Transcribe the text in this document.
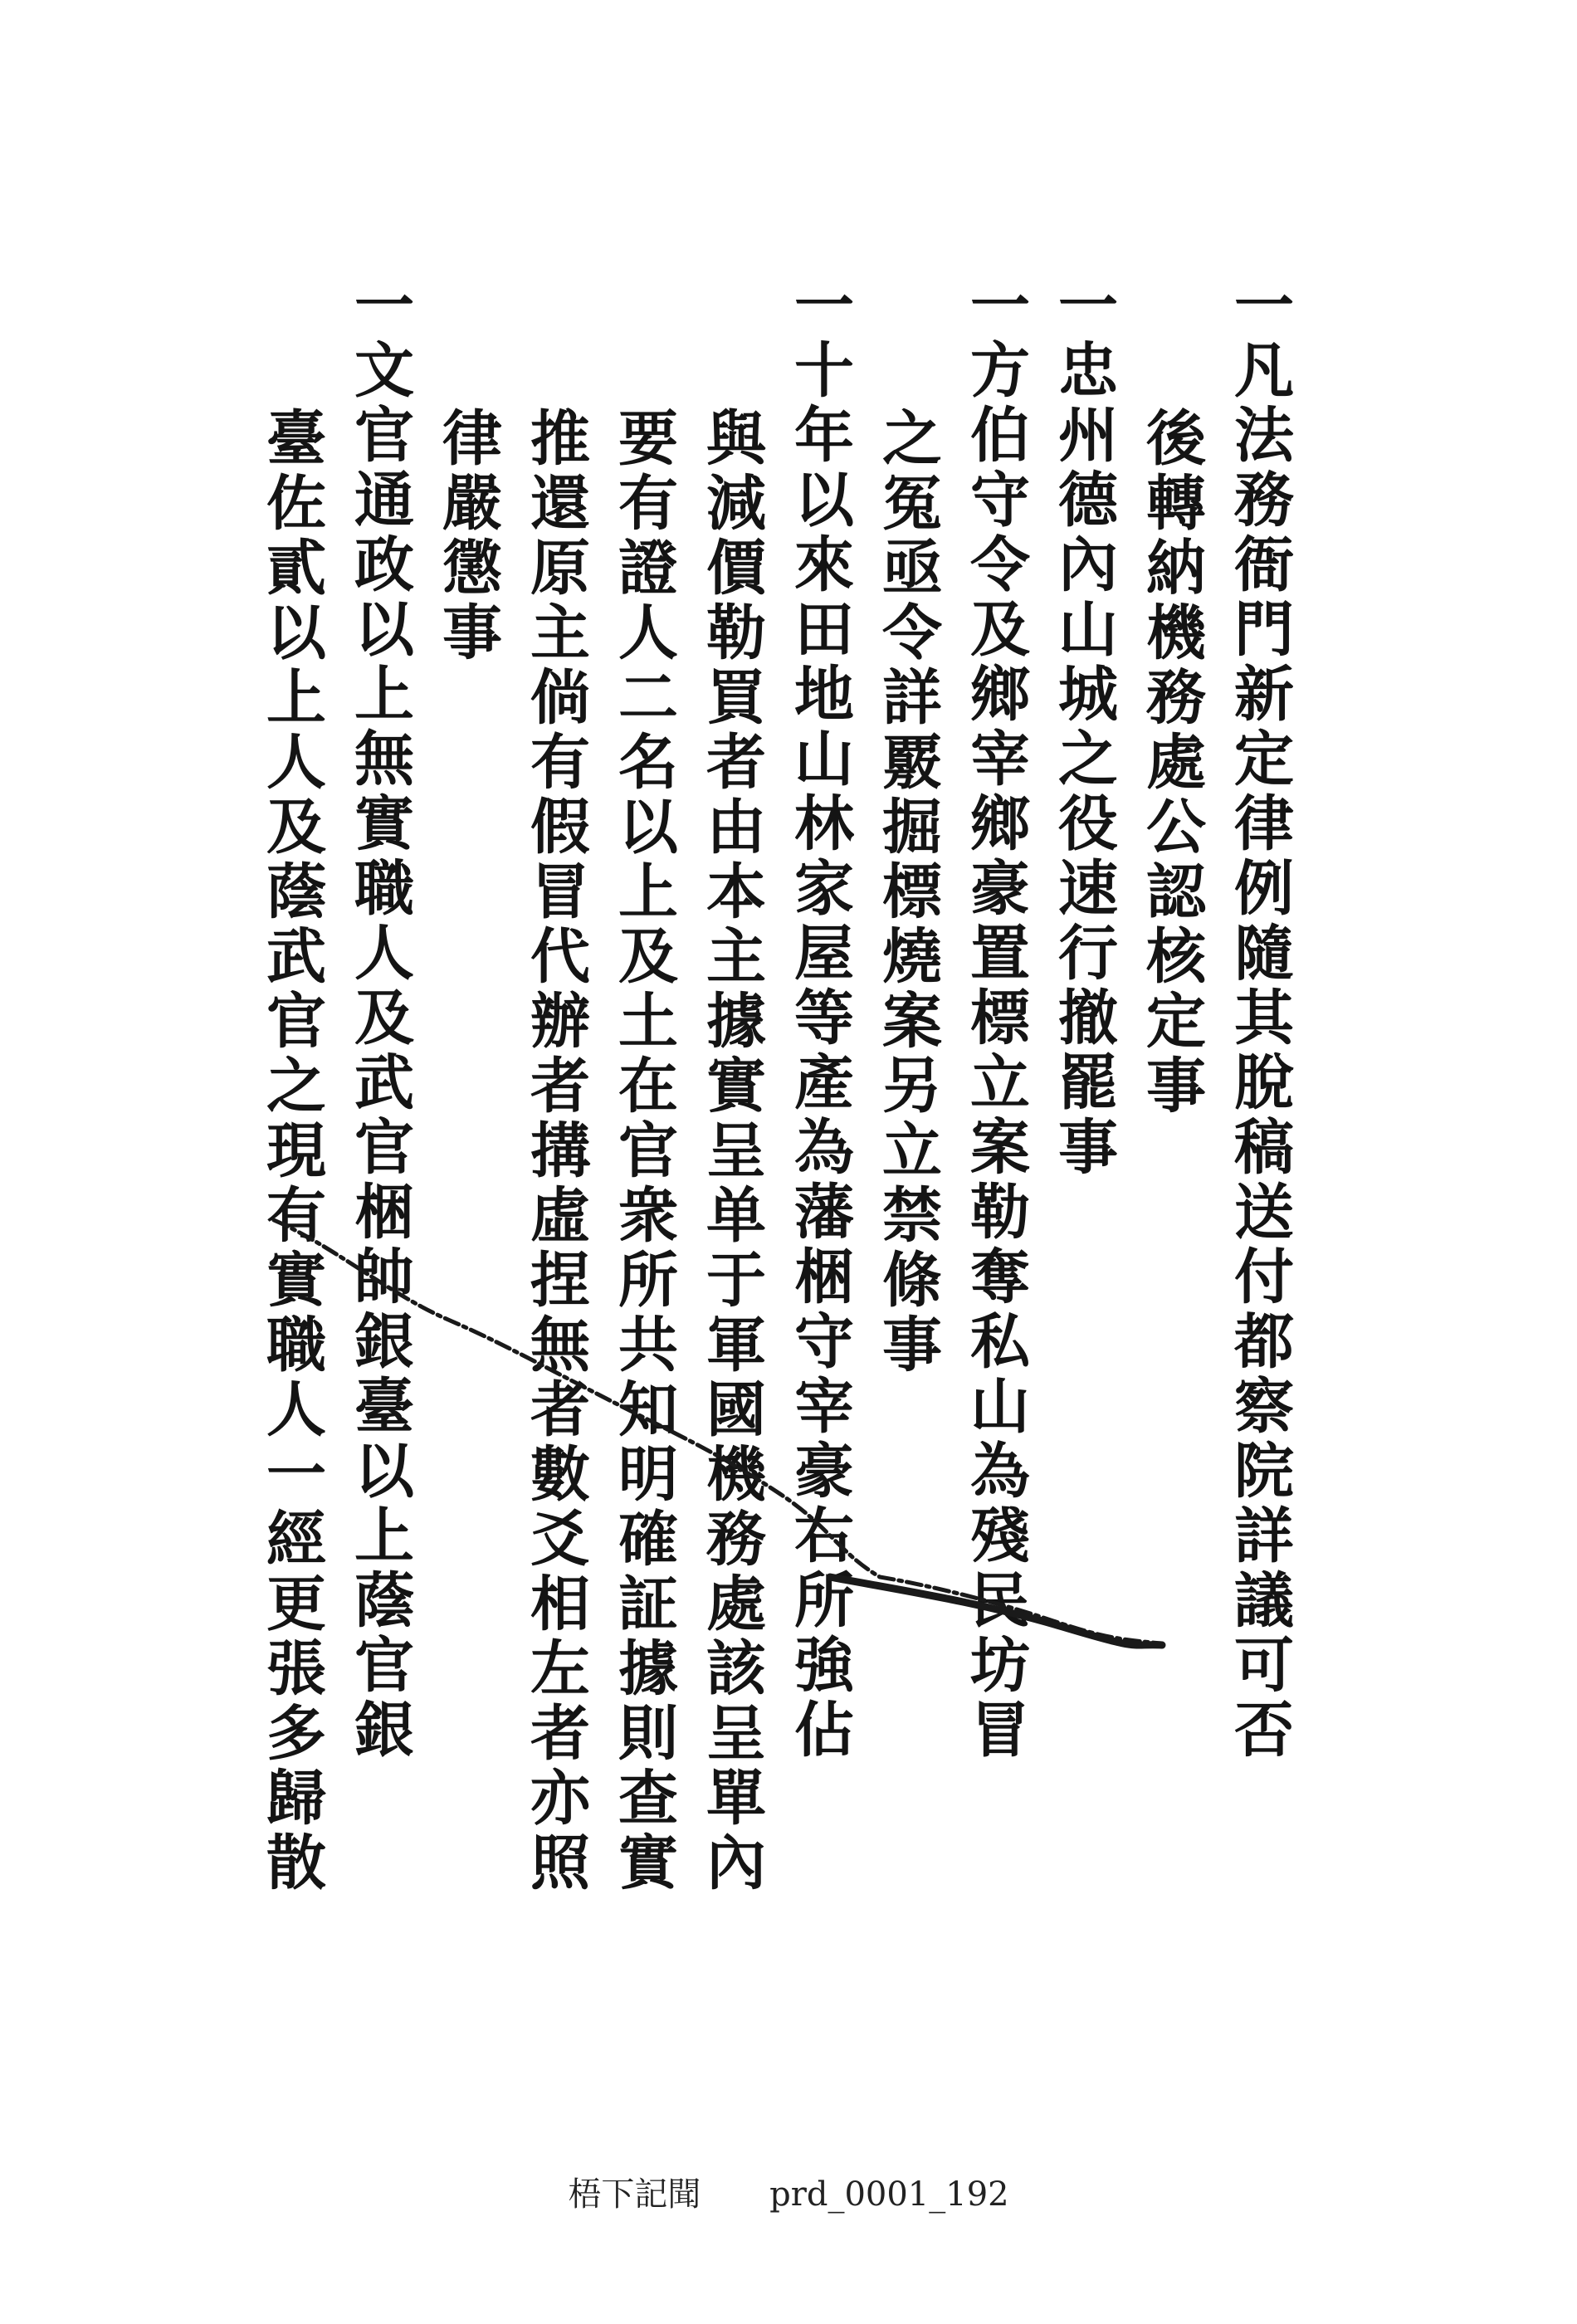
一凡法務衙門新定律例隨其脫稿送付都察院詳議可否
後轉納機務處公認核定事
一忠州德內山城之役速行撤罷事
一方伯守令及鄉宰鄉豪置標立案勒奪私山為殘民坊冒
之冤亟令詳覈掘標燒案另立禁條事
一十年以來田地山林家屋等產為藩梱守宰豪右所強佔
與減價勒買者由本主據實呈单于軍國機務處該呈單內
要有證人二名以上及土在官衆所共知明確証據則查實
推還原主倘有假冒代辦者搆虛捏無者數爻相左者亦照
律嚴懲事
一文官通政以上無實職人及武官梱帥銀臺以上蔭官銀
臺佐貳以上人及蔭武官之現有實職人一經更張多歸散
梧下記聞 prd_0001_192
